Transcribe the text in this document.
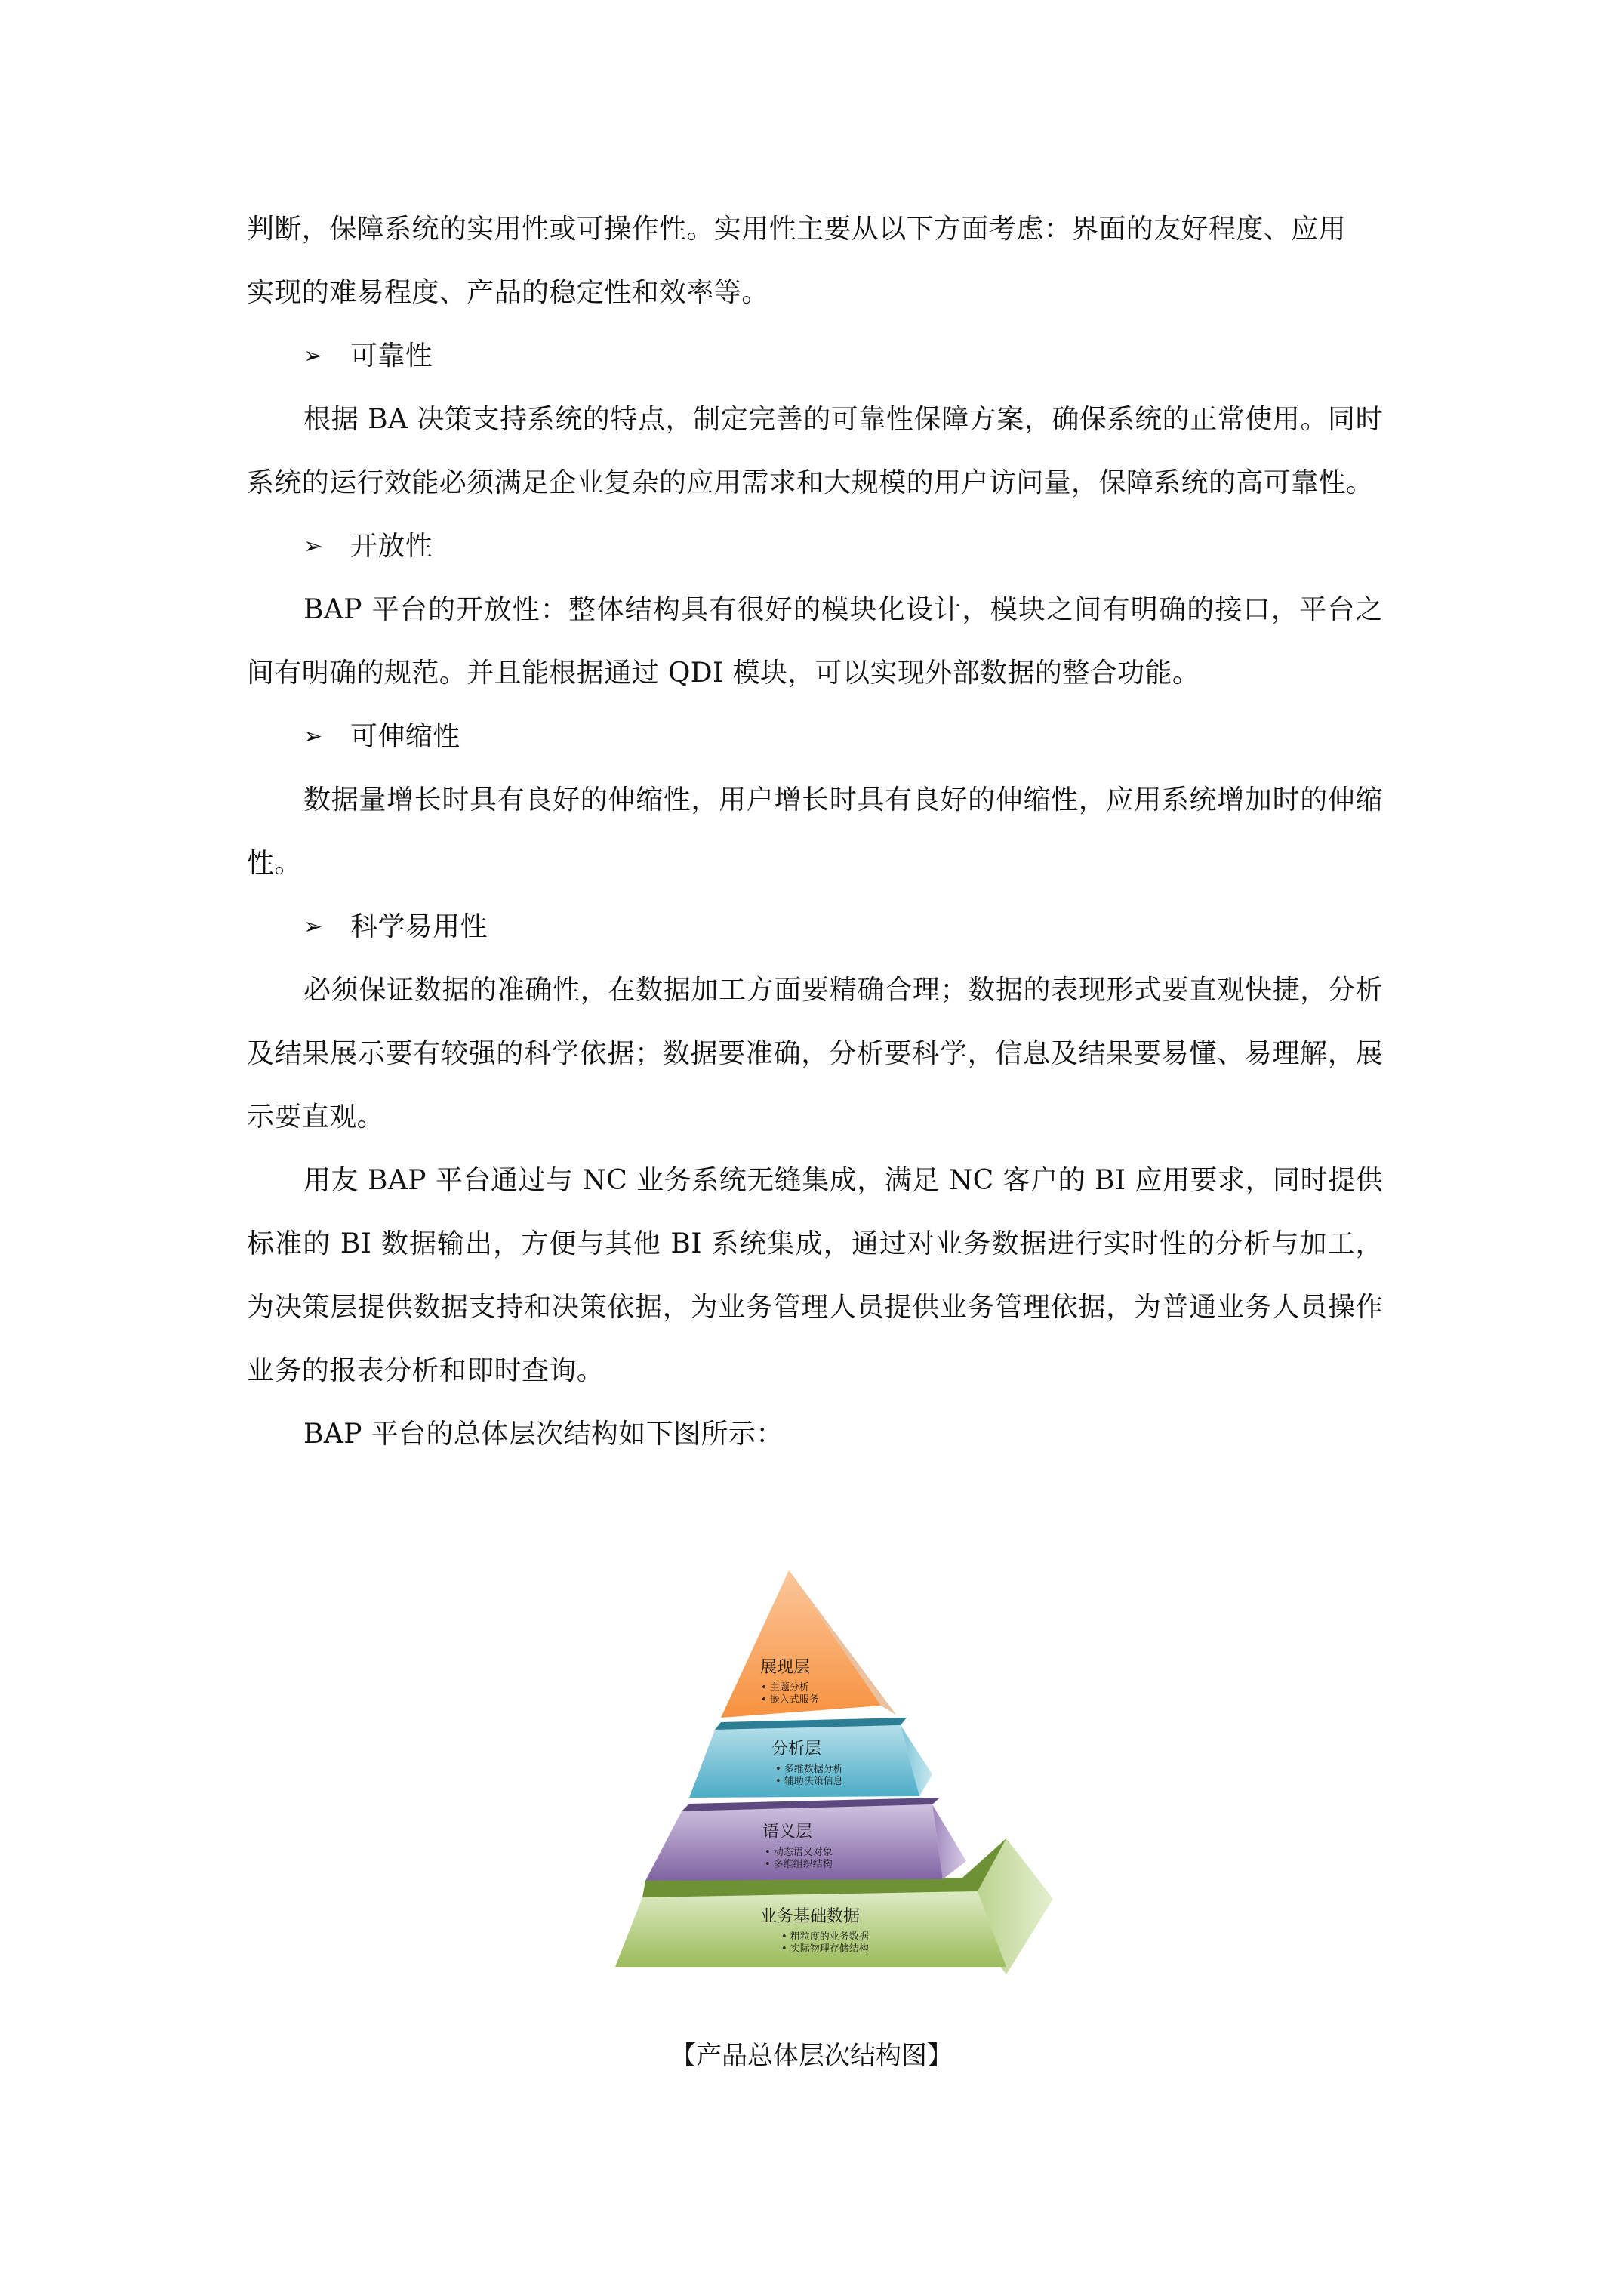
判断，保障系统的实用性或可操作性。实用性主要从以下方面考虑：界面的友好程度、应用

实现的难易程度、产品的稳定性和效率等。

➢	可靠性

根据 BA 决策支持系统的特点，制定完善的可靠性保障方案，确保系统的正常使用。同时系统的运行效能必须满足企业复杂的应用需求和大规模的用户访问量，保障系统的高可靠性。

➢	开放性

BAP 平台的开放性：整体结构具有很好的模块化设计，模块之间有明确的接口，平台之间有明确的规范。并且能根据通过 QDI 模块，可以实现外部数据的整合功能。

➢	可伸缩性

数据量增长时具有良好的伸缩性，用户增长时具有良好的伸缩性，应用系统增加时的伸缩性。

➢	科学易用性

必须保证数据的准确性，在数据加工方面要精确合理；数据的表现形式要直观快捷，分析及结果展示要有较强的科学依据；数据要准确，分析要科学，信息及结果要易懂、易理解，展示要直观。

用友 BAP 平台通过与 NC 业务系统无缝集成，满足 NC 客户的 BI 应用要求，同时提供标准的 BI 数据输出，方便与其他 BI 系统集成，通过对业务数据进行实时性的分析与加工，为决策层提供数据支持和决策依据，为业务管理人员提供业务管理依据，为普通业务人员操作业务的报表分析和即时查询。

BAP 平台的总体层次结构如下图所示：

展现层
• 主题分析
• 嵌入式服务
分析层
• 多维数据分析
• 辅助决策信息
语义层
• 动态语义对象
• 多维组织结构
业务基础数据
• 粗粒度的业务数据
• 实际物理存储结构
【产品总体层次结构图】
